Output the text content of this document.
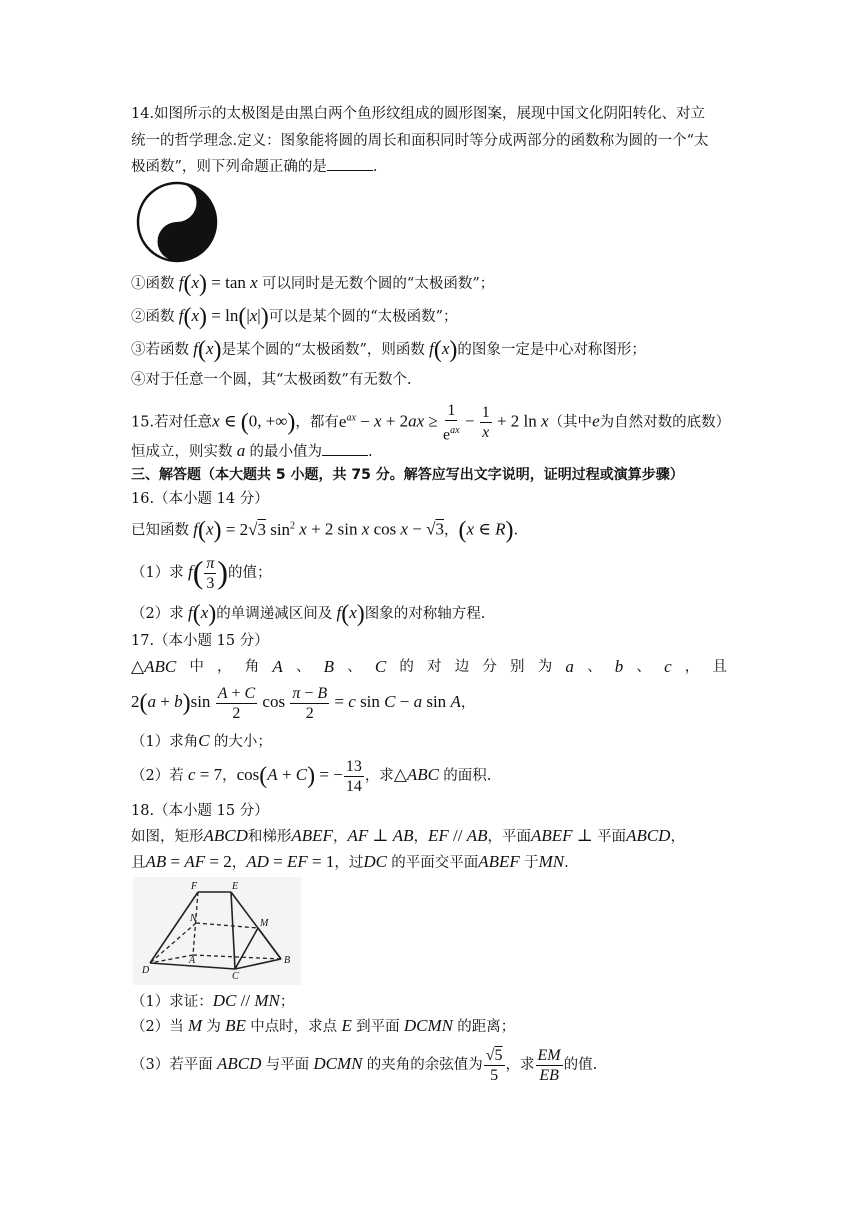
14.如图所示的太极图是由黑白两个鱼形纹组成的圆形图案，展现中国文化阴阳转化、对立
统一的哲学理念.定义：图象能将圆的周长和面积同时等分成两部分的函数称为圆的一个“太
极函数”，则下列命题正确的是	.
①函数 f(x) = tan x 可以同时是无数个圆的“太极函数”；
②函数 f(x) = ln(|x|)可以是某个圆的“太极函数”；
③若函数 f(x)是某个圆的“太极函数”，则函数 f(x)的图象一定是中心对称图形；
④对于任意一个圆，其“太极函数”有无数个.
15.若对任意x ∈ (0, +∞)，都有$e^{ax} - x + 2ax \ge \frac{1}{e^{ax}} - \frac{1}{x} + 2$ ln x（其中e为自然对数的底数）
恒成立，则实数 a 的最小值为	.
三、解答题（本大题共 5 小题，共 75 分。解答应写出文字说明，证明过程或演算步骤）
16.（本小题 14 分）
已知函数 f(x) = 2√3 $\sin^2 x + 2$ sin x cos x − √3，(x ∈ R).
（1）求 $f( \frac{\pi}{3}$ )的值；
（2）求 f(x)的单调递减区间及 f(x)图象的对称轴方程.
17.（本小题 15 分）
△ABC 中 ， 角 A 、 B 、 C 的 对 边 分 别 为 a 、 b 、 c ， 且
$2(a + b)\sin \frac{A + C}{2}$ $\cos \frac{\pi - B}{2} = c$ sin C − a sin A，
（1）求角C 的大小；
（2）若 c = 7，cos(A + C) = − $\frac{13}{14}$ ，求△ABC 的面积.
18.（本小题 15 分）
如图，矩形ABCD和梯形ABEF，AF ⊥ AB，EF // AB，平面ABEF ⊥ 平面ABCD，
且AB = AF = 2，AD = EF = 1，过DC 的平面交平面ABEF 于MN.
F	E
N	M
A	B
C
D
（1）求证：DC // MN；
（2）当 M 为 BE 中点时，求点 E 到平面 DCMN 的距离；
（3）若平面 ABCD 与平面 DCMN 的夹角的余弦值为 $\frac{√5}{5}$ ，求 $\frac{EM}{EB}$ 的值.
